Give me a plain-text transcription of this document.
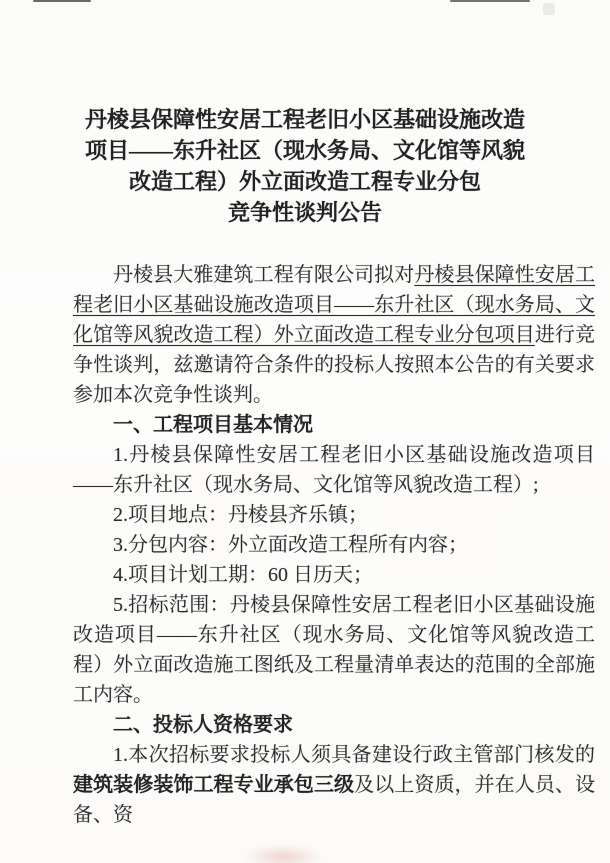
丹棱县保障性安居工程老旧小区基础设施改造
项目——东升社区（现水务局、文化馆等风貌
改造工程）外立面改造工程专业分包
竞争性谈判公告

丹棱县大雅建筑工程有限公司拟对丹棱县保障性安居工程老旧小区基础设施改造项目——东升社区（现水务局、文化馆等风貌改造工程）外立面改造工程专业分包项目进行竞争性谈判，兹邀请符合条件的投标人按照本公告的有关要求参加本次竞争性谈判。

一、工程项目基本情况

1.丹棱县保障性安居工程老旧小区基础设施改造项目——东升社区（现水务局、文化馆等风貌改造工程）;

2.项目地点：丹棱县齐乐镇；

3.分包内容：外立面改造工程所有内容；

4.项目计划工期：60 日历天；

5.招标范围：丹棱县保障性安居工程老旧小区基础设施改造项目——东升社区（现水务局、文化馆等风貌改造工程）外立面改造施工图纸及工程量清单表达的范围的全部施工内容。

二、投标人资格要求

1.本次招标要求投标人须具备建设行政主管部门核发的建筑装修装饰工程专业承包三级及以上资质，并在人员、设备、资
